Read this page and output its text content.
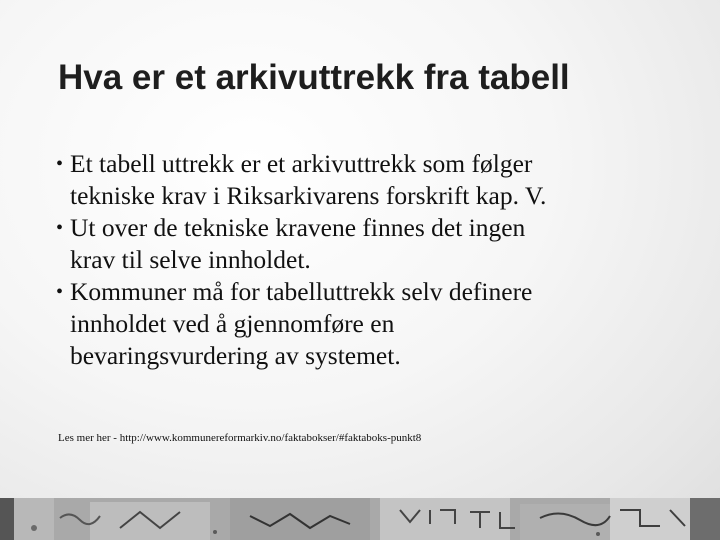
Hva er et arkivuttrekk fra tabell
• Et tabell uttrekk er et arkivuttrekk som følger
tekniske krav i Riksarkivarens forskrift kap. V.
• Ut over de tekniske kravene finnes det ingen
krav til selve innholdet.
• Kommuner må for tabelluttrekk selv definere
innholdet ved å gjennomføre en
bevaringsvurdering av systemet.

Les mer her - http://www.kommunereformarkiv.no/faktabokser/#faktaboks-punkt8
